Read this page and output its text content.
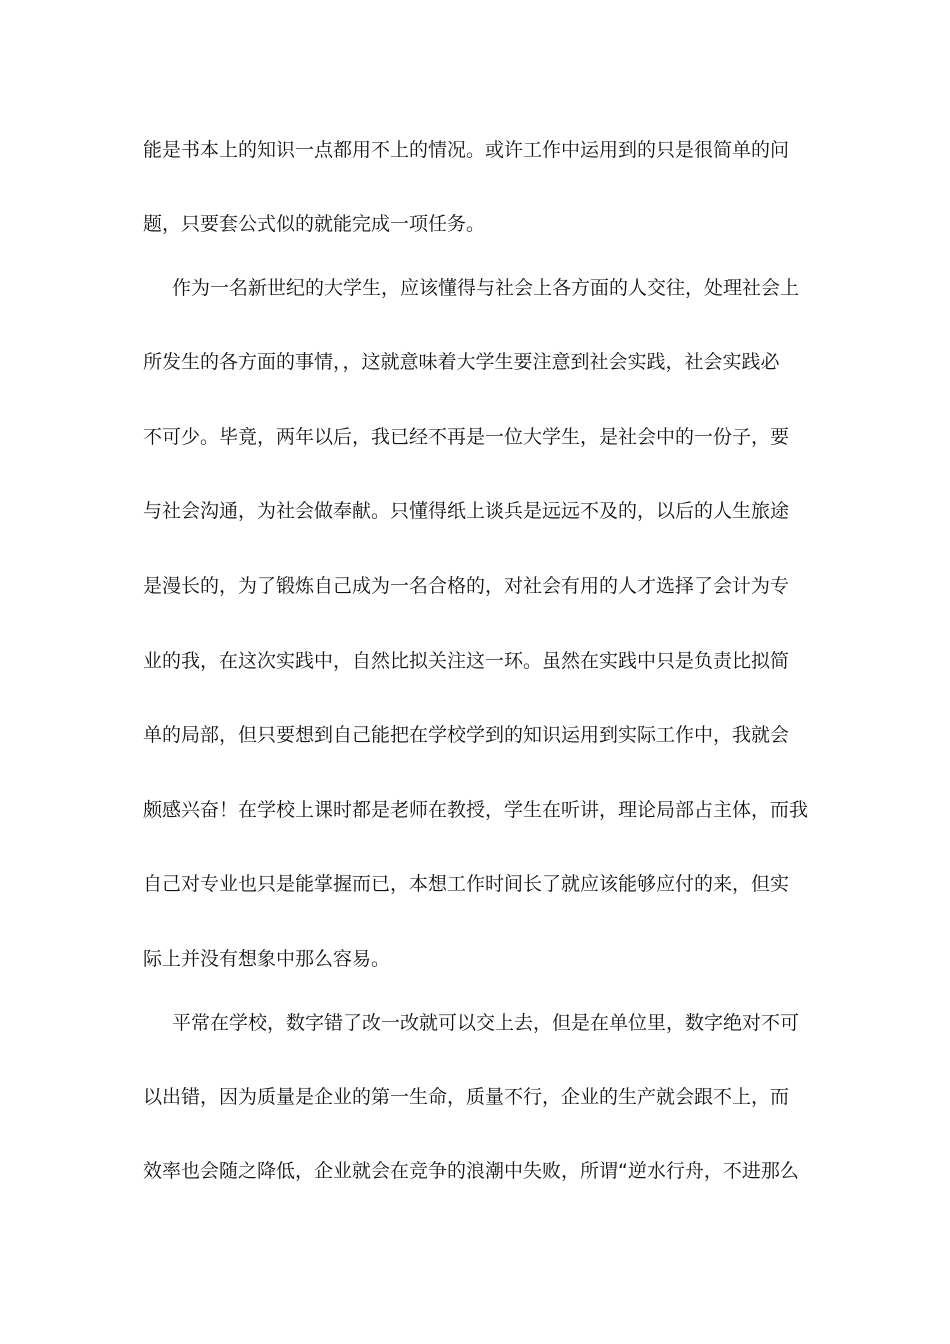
能是书本上的知识一点都用不上的情况。或许工作中运用到的只是很简单的问
题，只要套公式似的就能完成一项任务。
作为一名新世纪的大学生，应该懂得与社会上各方面的人交往，处理社会上
所发生的各方面的事情，，这就意味着大学生要注意到社会实践，社会实践必
不可少。毕竟，两年以后，我已经不再是一位大学生，是社会中的一份子，要
与社会沟通，为社会做奉献。只懂得纸上谈兵是远远不及的，以后的人生旅途
是漫长的，为了锻炼自己成为一名合格的，对社会有用的人才选择了会计为专
业的我，在这次实践中，自然比拟关注这一环。虽然在实践中只是负责比拟简
单的局部，但只要想到自己能把在学校学到的知识运用到实际工作中，我就会
颇感兴奋！在学校上课时都是老师在教授，学生在听讲，理论局部占主体，而我
自己对专业也只是能掌握而已，本想工作时间长了就应该能够应付的来，但实
际上并没有想象中那么容易。
平常在学校，数字错了改一改就可以交上去，但是在单位里，数字绝对不可
以出错，因为质量是企业的第一生命，质量不行，企业的生产就会跟不上，而
效率也会随之降低，企业就会在竞争的浪潮中失败，所谓“逆水行舟，不进那么
